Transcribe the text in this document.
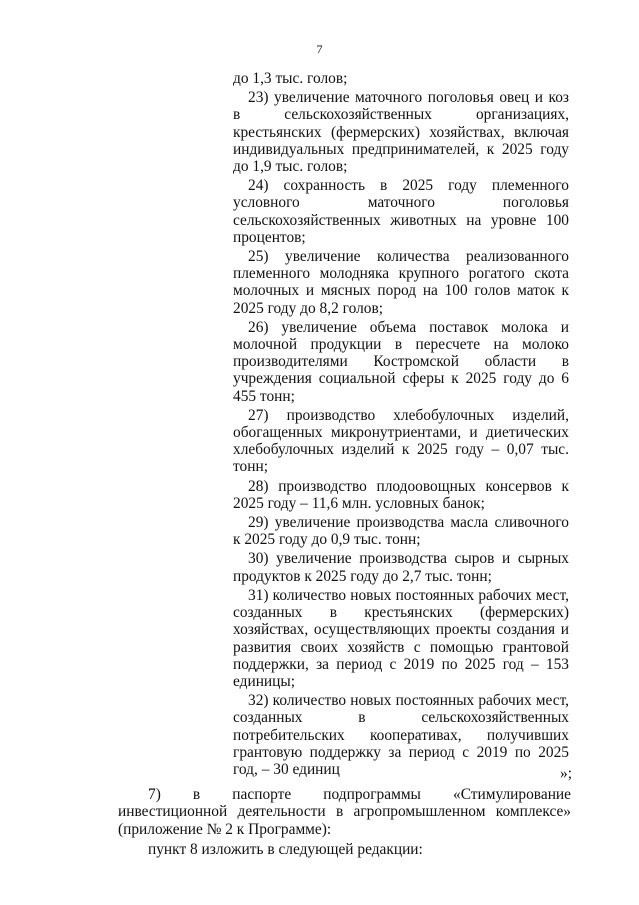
7

до 1,3 тыс. голов;

23) увеличение маточного поголовья овец и коз в сельскохозяйственных организациях, крестьянских (фермерских) хозяйствах, включая индивидуальных предпринимателей, к 2025 году до 1,9 тыс. голов;

24) сохранность в 2025 году племенного условного маточного поголовья сельскохозяйственных животных на уровне 100 процентов;

25) увеличение количества реализованного племенного молодняка крупного рогатого скота молочных и мясных пород на 100 голов маток к 2025 году до 8,2 голов;

26) увеличение объема поставок молока и молочной продукции в пересчете на молоко производителями Костромской области в учреждения социальной сферы к 2025 году до 6 455 тонн;

27) производство хлебобулочных изделий, обогащенных микронутриентами, и диетических хлебобулочных изделий к 2025 году – 0,07 тыс. тонн;

28) производство плодоовощных консервов к 2025 году – 11,6 млн. условных банок;

29) увеличение производства масла сливочного к 2025 году до 0,9 тыс. тонн;

30) увеличение производства сыров и сырных продуктов к 2025 году до 2,7 тыс. тонн;

31) количество новых постоянных рабочих мест, созданных в крестьянских (фермерских) хозяйствах, осуществляющих проекты создания и развития своих хозяйств с помощью грантовой поддержки, за период с 2019 по 2025 год – 153 единицы;

32) количество новых постоянных рабочих мест, созданных в сельскохозяйственных потребительских кооперативах, получивших грантовую поддержку за период с 2019 по 2025 год, – 30 единиц	»;

7) в паспорте подпрограммы «Стимулирование инвестиционной деятельности в агропромышленном комплексе» (приложение № 2 к Программе):

пункт 8 изложить в следующей редакции:
